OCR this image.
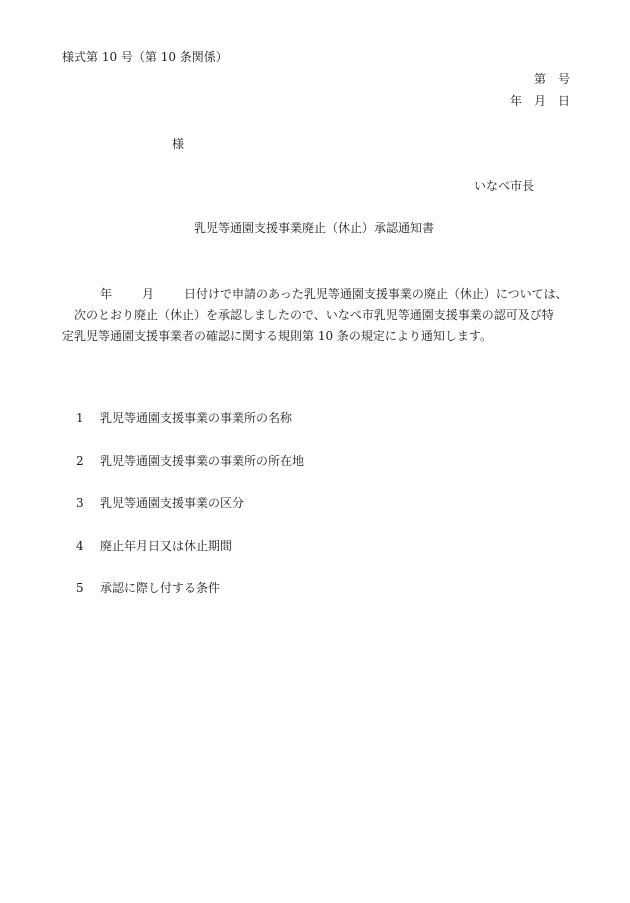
様式第 10 号（第 10 条関係）
第　号
年　月　日
様
いなべ市長
乳児等通園支援事業廃止（休止）承認通知書
年	月	日付けで申請のあった乳児等通園支援事業の廃止（休止）については、
次のとおり廃止（休止）を承認しましたので、いなべ市乳児等通園支援事業の認可及び特
定乳児等通園支援事業者の確認に関する規則第 10 条の規定により通知します。
1 乳児等通園支援事業の事業所の名称
2 乳児等通園支援事業の事業所の所在地
3 乳児等通園支援事業の区分
4 廃止年月日又は休止期間
5 承認に際し付する条件
